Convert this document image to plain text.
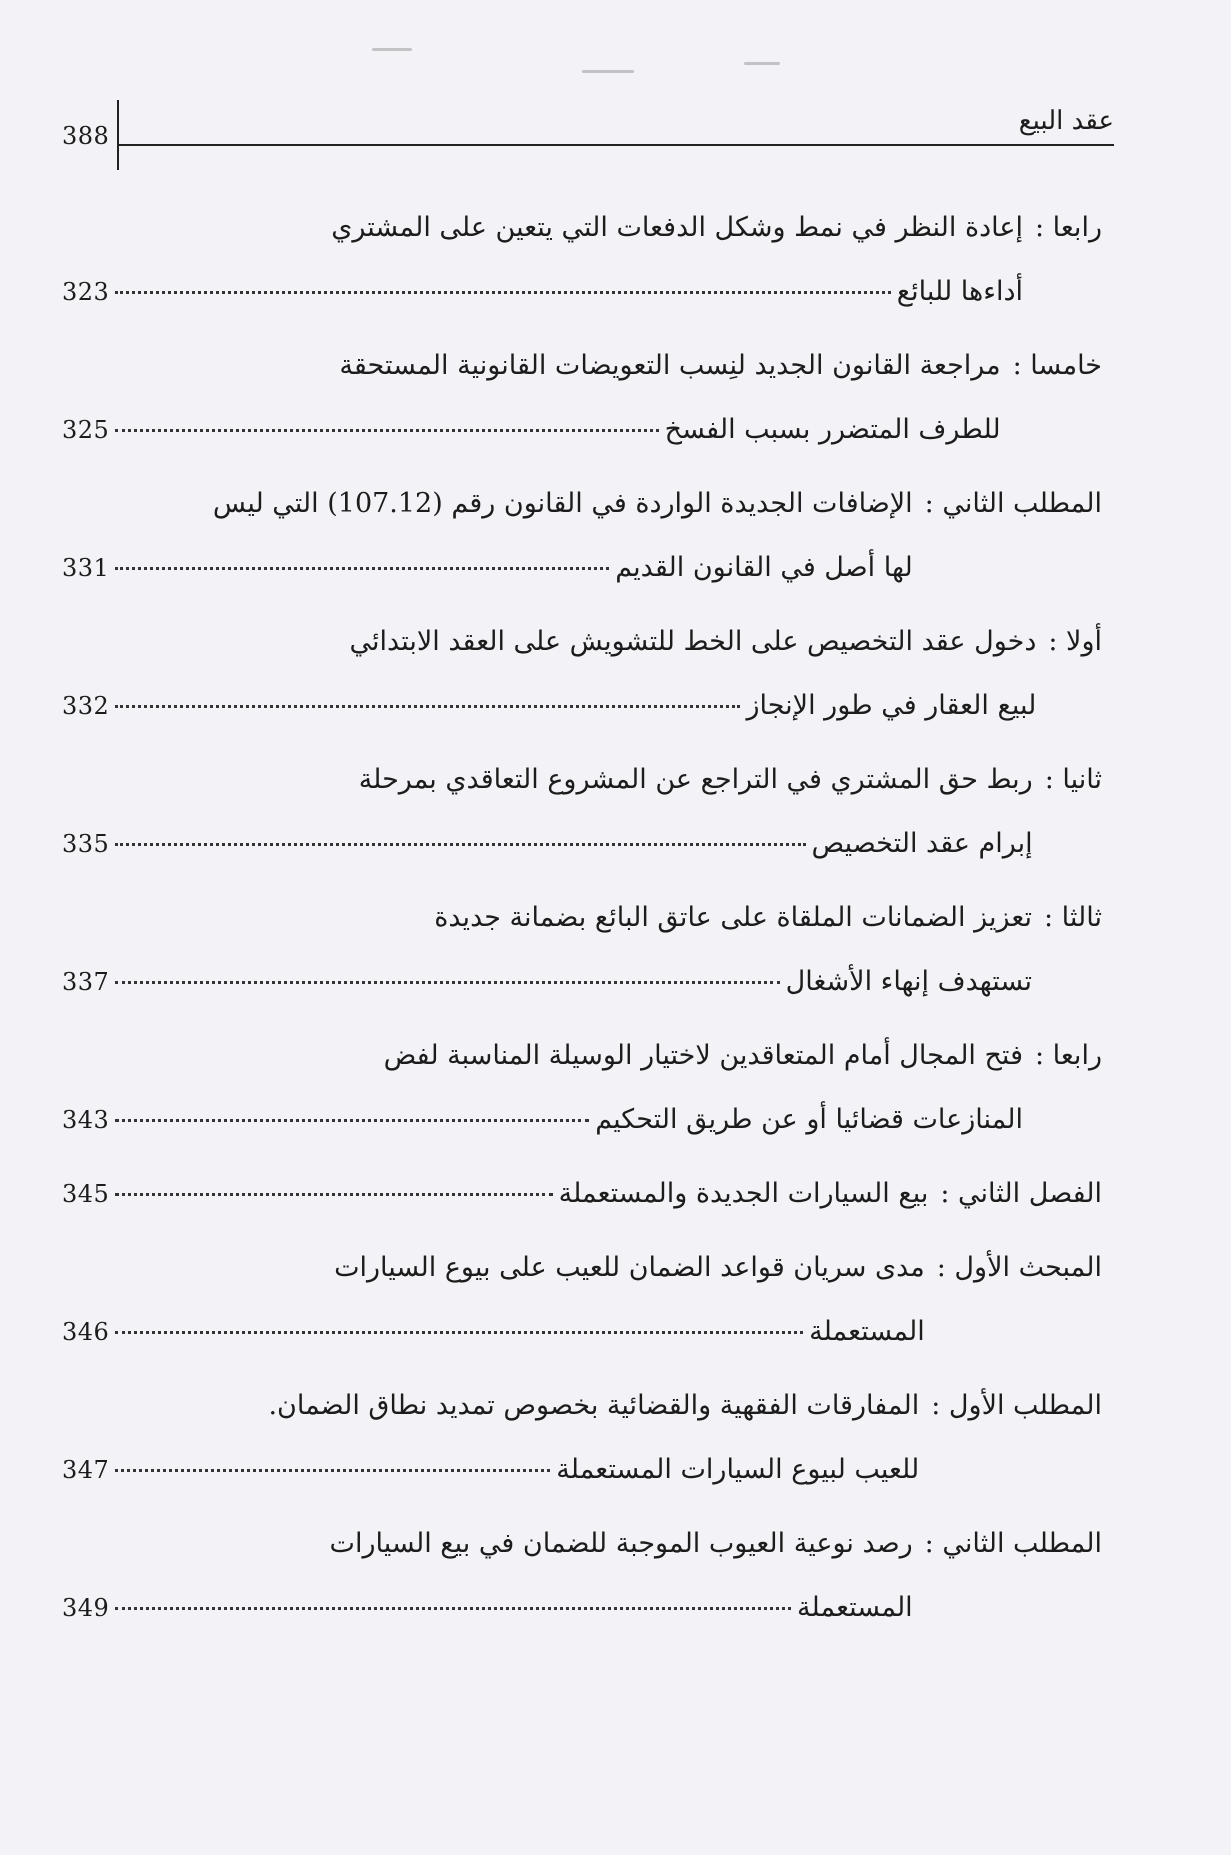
388	عقد البيع
رابعا :
إعادة النظر في نمط وشكل الدفعات التي يتعين على المشتري
أداءها للبائع
323
خامسا :
مراجعة القانون الجديد لنِسب التعويضات القانونية المستحقة
للطرف المتضرر بسبب الفسخ
325
المطلب الثاني :
الإضافات الجديدة الواردة في القانون رقم (107.12) التي ليس
لها أصل في القانون القديم
331
أولا :
دخول عقد التخصيص على الخط للتشويش على العقد الابتدائي
لبيع العقار في طور الإنجاز
332
ثانيا :
ربط حق المشتري في التراجع عن المشروع التعاقدي بمرحلة
إبرام عقد التخصيص
335
ثالثا :
تعزيز الضمانات الملقاة على عاتق البائع بضمانة جديدة
تستهدف إنهاء الأشغال
337
رابعا :
فتح المجال أمام المتعاقدين لاختيار الوسيلة المناسبة لفض
المنازعات قضائيا أو عن طريق التحكيم
343
الفصل الثاني :
بيع السيارات الجديدة والمستعملة
345
المبحث الأول :
مدى سريان قواعد الضمان للعيب على بيوع السيارات
المستعملة
346
المطلب الأول :
المفارقات الفقهية والقضائية بخصوص تمديد نطاق الضمان.
للعيب لبيوع السيارات المستعملة
347
المطلب الثاني :
رصد نوعية العيوب الموجبة للضمان في بيع السيارات
المستعملة
349
